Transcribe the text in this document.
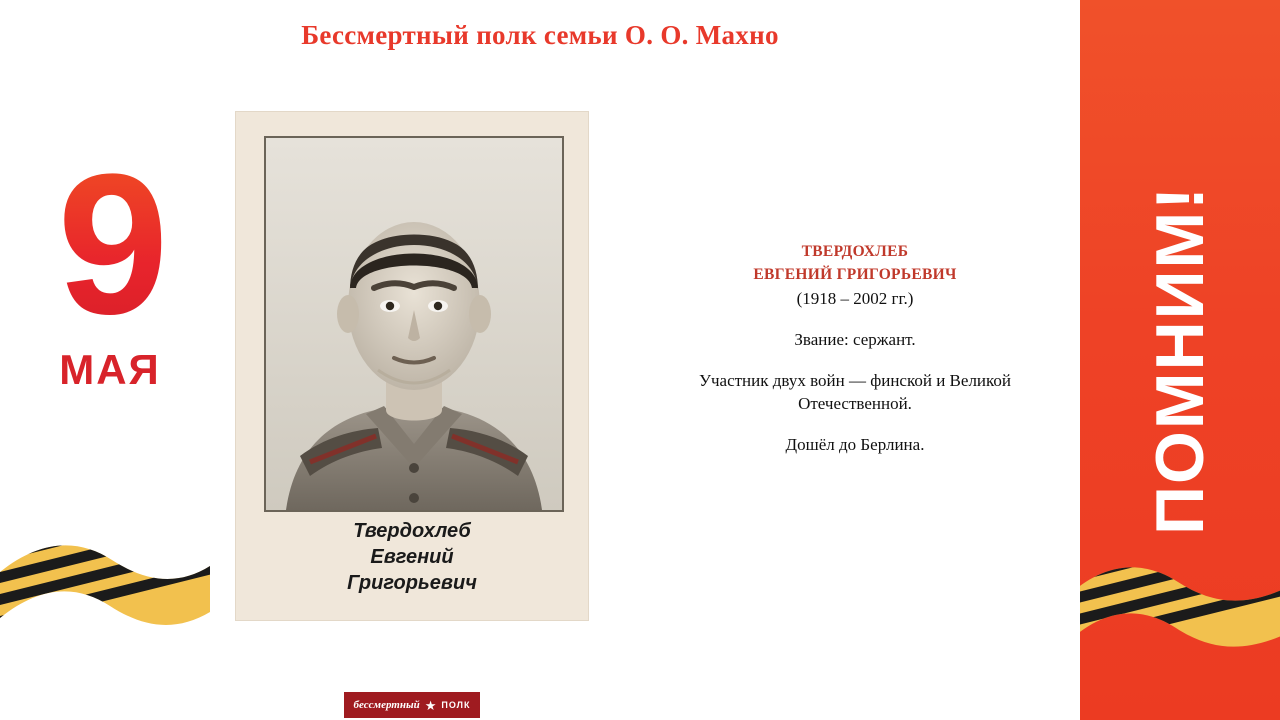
Бессмертный полк семьи О. О. Махно
9
МАЯ
Твердохлеб
Евгений
Григорьевич
бессмертный ★ ПОЛК
ТВЕРДОХЛЕБ
ЕВГЕНИЙ ГРИГОРЬЕВИЧ
(1918 – 2002 гг.)

Звание: сержант.

Участник двух войн — финской и Великой Отечественной.

Дошёл до Берлина.	ПОМНИМ!
